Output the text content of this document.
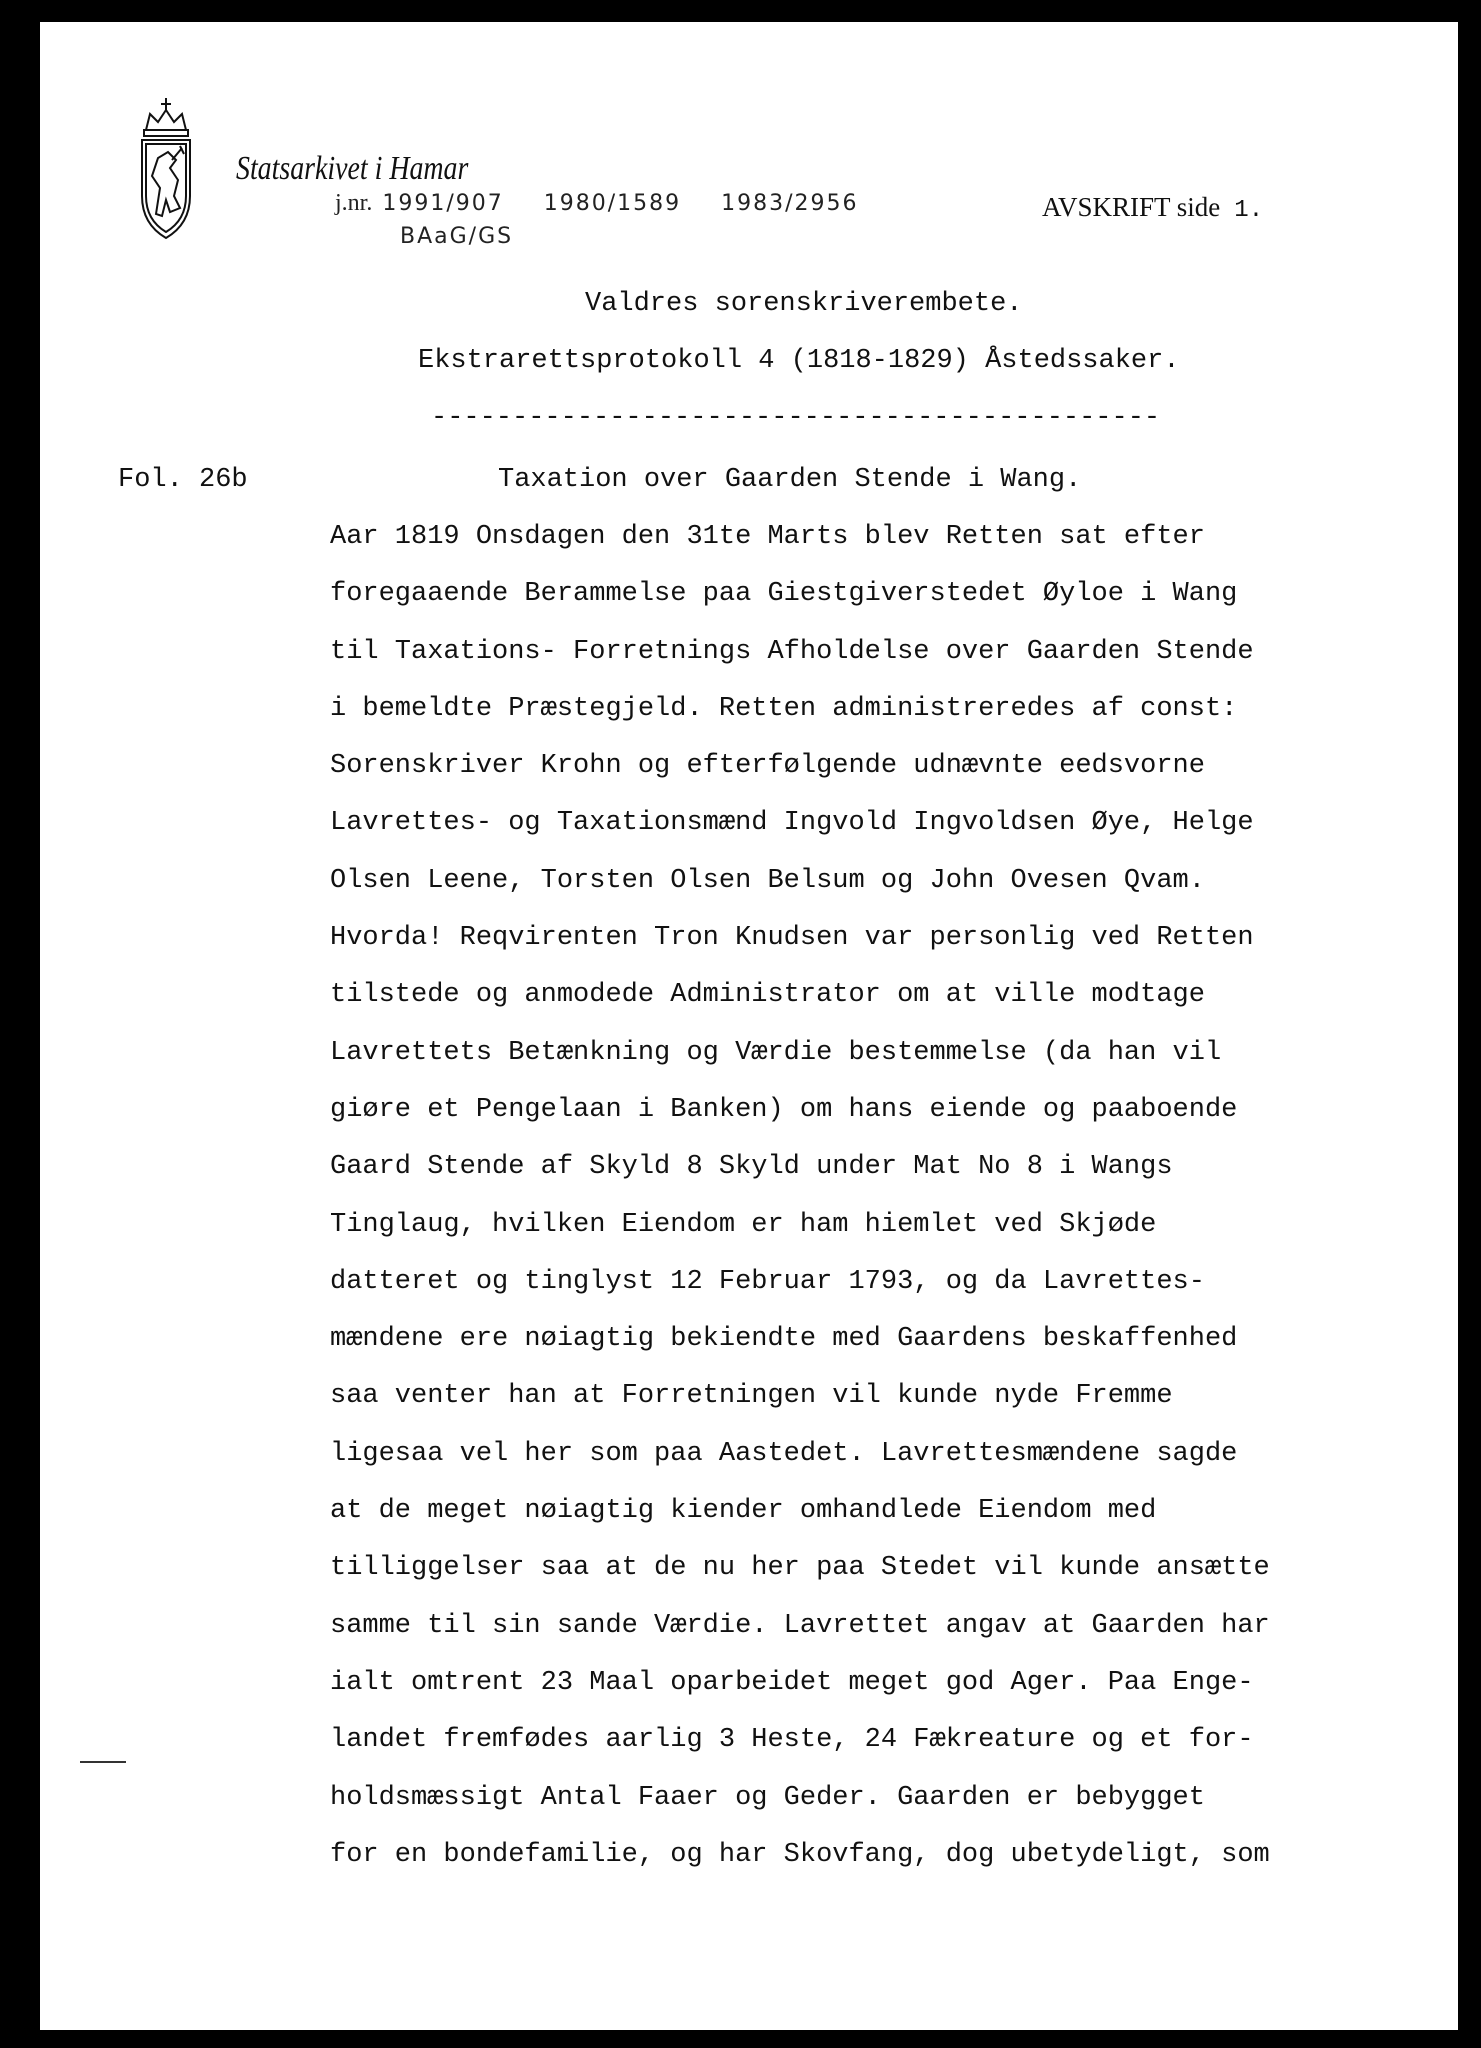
Statsarkivet i Hamar
j.nr. 1991/907 1980/1589 1983/2956
BAaG/GS
AVSKRIFT side 1.
Valdres sorenskriverembete.
Ekstrarettsprotokoll 4 (1818-1829) Åstedssaker.
---------------------------------------------
Fol. 26b	Taxation over Gaarden Stende i Wang.
Aar 1819 Onsdagen den 31te Marts blev Retten sat efter
foregaaende Berammelse paa Giestgiverstedet Øyloe i Wang
til Taxations- Forretnings Afholdelse over Gaarden Stende
i bemeldte Præstegjeld. Retten administreredes af const:
Sorenskriver Krohn og efterfølgende udnævnte eedsvorne
Lavrettes- og Taxationsmænd Ingvold Ingvoldsen Øye, Helge
Olsen Leene, Torsten Olsen Belsum og John Ovesen Qvam.
Hvorda! Reqvirenten Tron Knudsen var personlig ved Retten
tilstede og anmodede Administrator om at ville modtage
Lavrettets Betænkning og Værdie bestemmelse (da han vil
giøre et Pengelaan i Banken) om hans eiende og paaboende
Gaard Stende af Skyld 8 Skyld under Mat No 8 i Wangs
Tinglaug, hvilken Eiendom er ham hiemlet ved Skjøde
datteret og tinglyst 12 Februar 1793, og da Lavrettes-
mændene ere nøiagtig bekiendte med Gaardens beskaffenhed
saa venter han at Forretningen vil kunde nyde Fremme
ligesaa vel her som paa Aastedet. Lavrettesmændene sagde
at de meget nøiagtig kiender omhandlede Eiendom med
tilliggelser saa at de nu her paa Stedet vil kunde ansætte
samme til sin sande Værdie. Lavrettet angav at Gaarden har
ialt omtrent 23 Maal oparbeidet meget god Ager. Paa Enge-
landet fremfødes aarlig 3 Heste, 24 Fækreature og et for-
holdsmæssigt Antal Faaer og Geder. Gaarden er bebygget
for en bondefamilie, og har Skovfang, dog ubetydeligt, som
